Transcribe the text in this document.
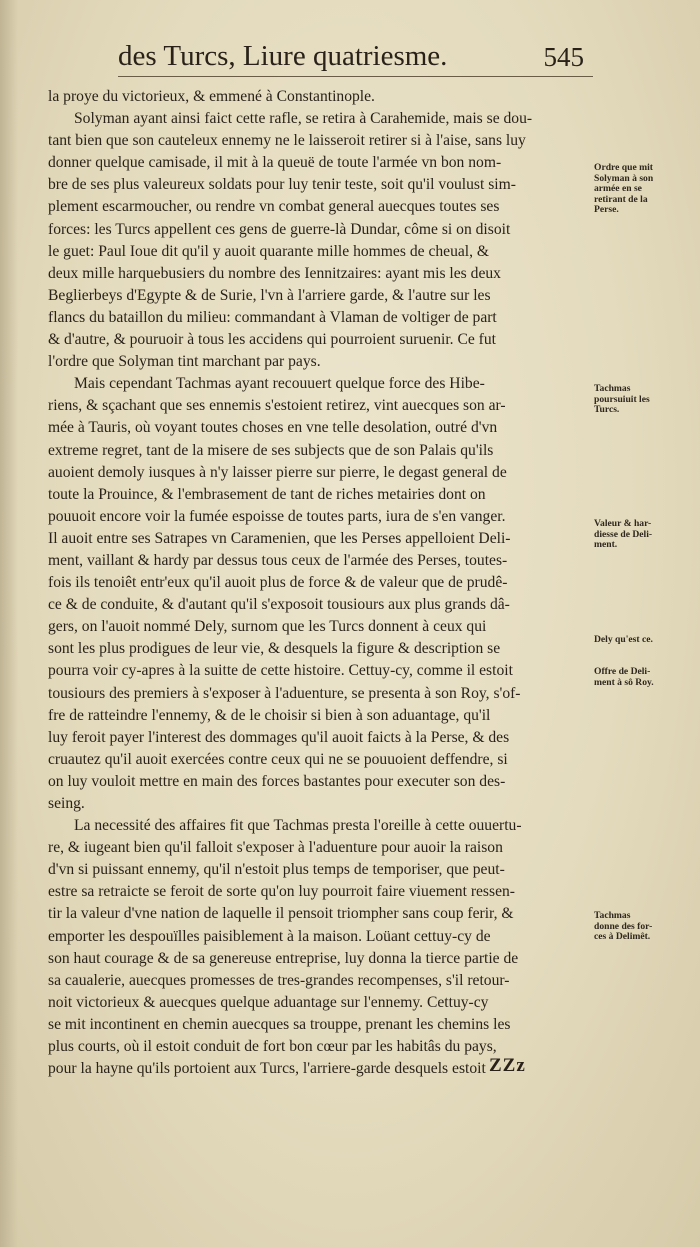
des Turcs, Liure quatriesme.	545
la proye du victorieux, & emmené à Constantinople.
Solyman ayant ainsi faict cette rafle, se retira à Carahemide, mais se dou-
tant bien que son cauteleux ennemy ne le laisseroit retirer si à l'aise, sans luy
donner quelque camisade, il mit à la queuë de toute l'armée vn bon nom-
bre de ses plus valeureux soldats pour luy tenir teste, soit qu'il voulust sim-
plement escarmoucher, ou rendre vn combat general auecques toutes ses
forces: les Turcs appellent ces gens de guerre-là Dundar, côme si on disoit
le guet: Paul Ioue dit qu'il y auoit quarante mille hommes de cheual, &
deux mille harquebusiers du nombre des Iennitzaires: ayant mis les deux
Beglierbeys d'Egypte & de Surie, l'vn à l'arriere garde, & l'autre sur les
flancs du bataillon du milieu: commandant à Vlaman de voltiger de part
& d'autre, & pouruoir à tous les accidens qui pourroient suruenir. Ce fut
l'ordre que Solyman tint marchant par pays.
Mais cependant Tachmas ayant recouuert quelque force des Hibe-
riens, & sçachant que ses ennemis s'estoient retirez, vint auecques son ar-
mée à Tauris, où voyant toutes choses en vne telle desolation, outré d'vn
extreme regret, tant de la misere de ses subjects que de son Palais qu'ils
auoient demoly iusques à n'y laisser pierre sur pierre, le degast general de
toute la Prouince, & l'embrasement de tant de riches metairies dont on
pouuoit encore voir la fumée espoisse de toutes parts, iura de s'en vanger.
Il auoit entre ses Satrapes vn Caramenien, que les Perses appelloient Deli-
ment, vaillant & hardy par dessus tous ceux de l'armée des Perses, toutes-
fois ils tenoiêt entr'eux qu'il auoit plus de force & de valeur que de prudê-
ce & de conduite, & d'autant qu'il s'exposoit tousiours aux plus grands dâ-
gers, on l'auoit nommé Dely, surnom que les Turcs donnent à ceux qui
sont les plus prodigues de leur vie, & desquels la figure & description se
pourra voir cy-apres à la suitte de cette histoire. Cettuy-cy, comme il estoit
tousiours des premiers à s'exposer à l'aduenture, se presenta à son Roy, s'of-
fre de ratteindre l'ennemy, & de le choisir si bien à son aduantage, qu'il
luy feroit payer l'interest des dommages qu'il auoit faicts à la Perse, & des
cruautez qu'il auoit exercées contre ceux qui ne se pouuoient deffendre, si
on luy vouloit mettre en main des forces bastantes pour executer son des-
seing.
La necessité des affaires fit que Tachmas presta l'oreille à cette ouuertu-
re, & iugeant bien qu'il falloit s'exposer à l'aduenture pour auoir la raison
d'vn si puissant ennemy, qu'il n'estoit plus temps de temporiser, que peut-
estre sa retraicte se feroit de sorte qu'on luy pourroit faire viuement ressen-
tir la valeur d'vne nation de laquelle il pensoit triompher sans coup ferir, &
emporter les despouïlles paisiblement à la maison. Loüant cettuy-cy de
son haut courage & de sa genereuse entreprise, luy donna la tierce partie de
sa caualerie, auecques promesses de tres-grandes recompenses, s'il retour-
noit victorieux & auecques quelque aduantage sur l'ennemy. Cettuy-cy
se mit incontinent en chemin auecques sa trouppe, prenant les chemins les
plus courts, où il estoit conduit de fort bon cœur par les habitâs du pays,
pour la hayne qu'ils portoient aux Turcs, l'arriere-garde desquels estoit
Ordre que mit
Solyman à son
armée en se
retirant de la
Perse.
Tachmas
poursuiuit les
Turcs.
Valeur & har-
diesse de Deli-
ment.
Dely qu'est ce.
Offre de Deli-
ment à sô Roy.
Tachmas
donne des for-
ces à Delimêt.
ZZz
